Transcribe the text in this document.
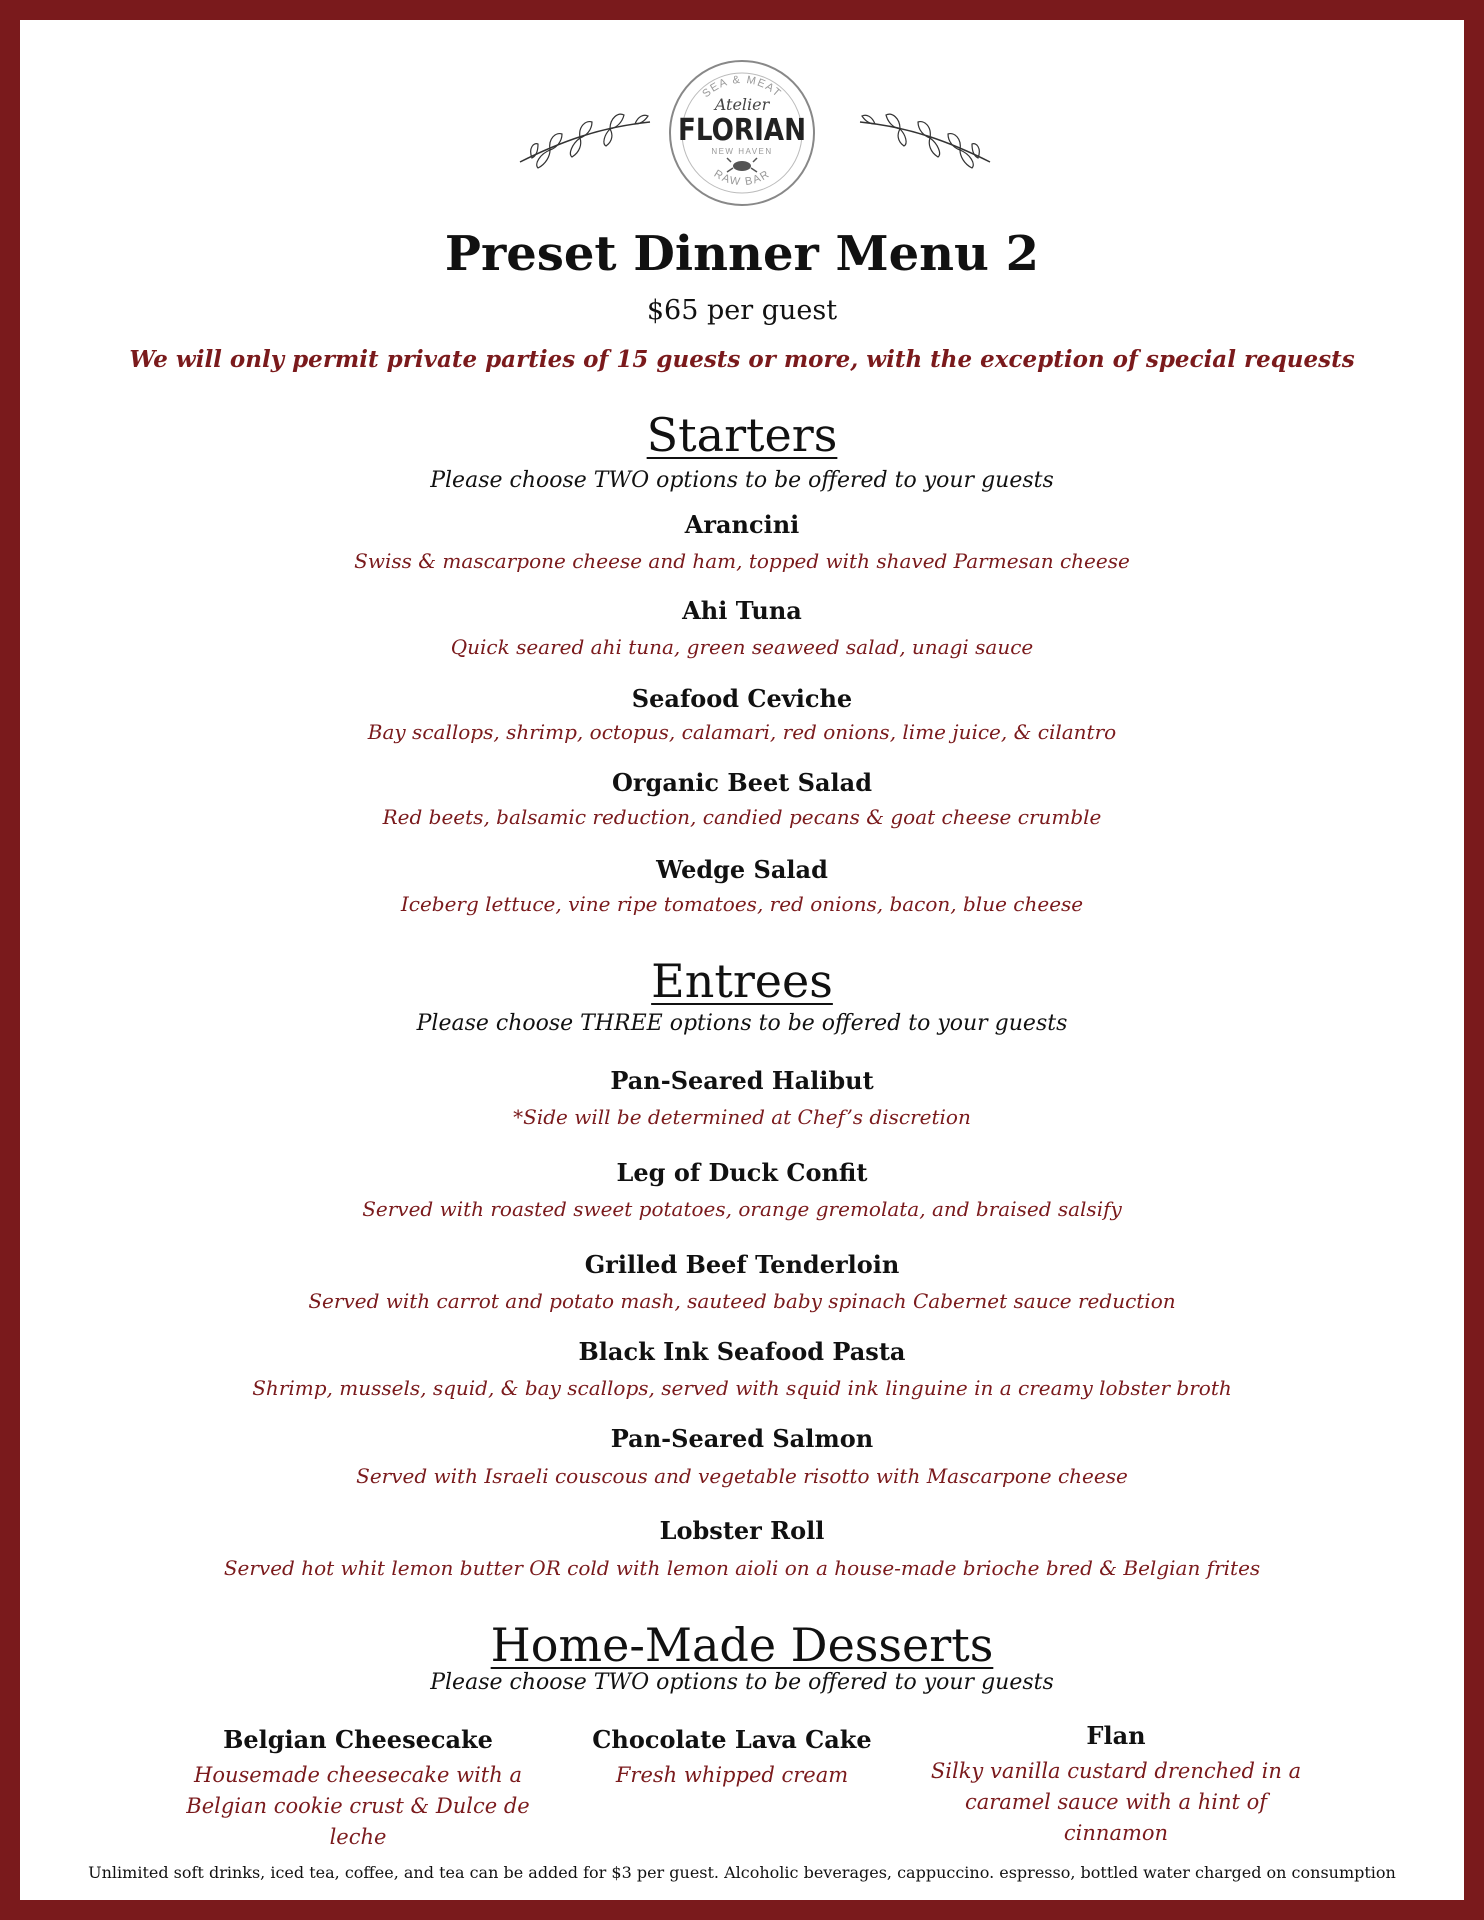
SEA & MEAT
Atelier
FLORIAN
NEW HAVEN
RAW BAR
Preset Dinner Menu 2
$65 per guest
We will only permit private parties of 15 guests or more, with the exception of special requests
Starters
Please choose TWO options to be offered to your guests
Arancini
Swiss & mascarpone cheese and ham, topped with shaved Parmesan cheese
Ahi Tuna
Quick seared ahi tuna, green seaweed salad, unagi sauce
Seafood Ceviche
Bay scallops, shrimp, octopus, calamari, red onions, lime juice, & cilantro
Organic Beet Salad
Red beets, balsamic reduction, candied pecans & goat cheese crumble
Wedge Salad
Iceberg lettuce, vine ripe tomatoes, red onions, bacon, blue cheese
Entrees
Please choose THREE options to be offered to your guests
Pan-Seared Halibut
*Side will be determined at Chef’s discretion
Leg of Duck Confit
Served with roasted sweet potatoes, orange gremolata, and braised salsify
Grilled Beef Tenderloin
Served with carrot and potato mash, sauteed baby spinach Cabernet sauce reduction
Black Ink Seafood Pasta
Shrimp, mussels, squid, & bay scallops, served with squid ink linguine in a creamy lobster broth
Pan-Seared Salmon
Served with Israeli couscous and vegetable risotto with Mascarpone cheese
Lobster Roll
Served hot whit lemon butter OR cold with lemon aioli on a house-made brioche bred & Belgian frites
Home-Made Desserts
Please choose TWO options to be offered to your guests
Belgian Cheesecake
Housemade cheesecake with a
Belgian cookie crust & Dulce de leche
Chocolate Lava Cake
Fresh whipped cream
Flan
Silky vanilla custard drenched in a
caramel sauce with a hint of cinnamon
Unlimited soft drinks, iced tea, coffee, and tea can be added for $3 per guest. Alcoholic beverages, cappuccino. espresso, bottled water charged on consumption
